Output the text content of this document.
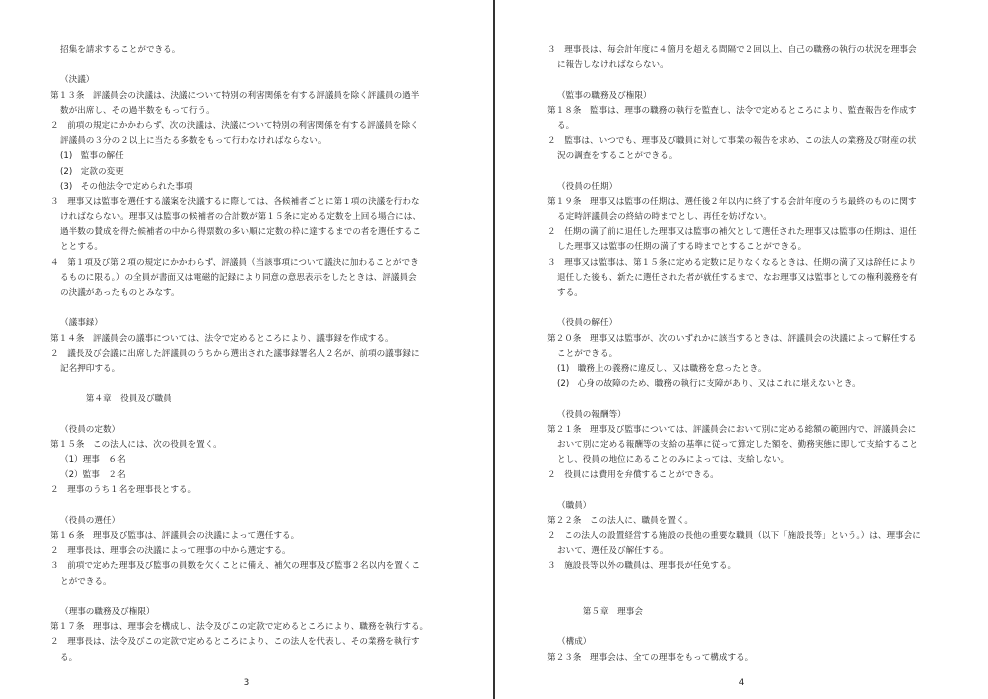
招集を請求することができる。
（決議）
第１３条　評議員会の決議は、決議について特別の利害関係を有する評議員を除く評議員の過半
数が出席し、その過半数をもって行う。
２　前項の規定にかかわらず、次の決議は、決議について特別の利害関係を有する評議員を除く
評議員の３分の２以上に当たる多数をもって行わなければならない。
(1)　監事の解任
(2)　定款の変更
(3)　その他法令で定められた事項
３　理事又は監事を選任する議案を決議するに際しては、各候補者ごとに第１項の決議を行わな
ければならない。理事又は監事の候補者の合計数が第１５条に定める定数を上回る場合には、
過半数の賛成を得た候補者の中から得票数の多い順に定数の枠に達するまでの者を選任するこ
ととする。
４　第１項及び第２項の規定にかかわらず、評議員（当該事項について議決に加わることができ
るものに限る。）の全員が書面又は電磁的記録により同意の意思表示をしたときは、評議員会
の決議があったものとみなす。
（議事録）
第１４条　評議員会の議事については、法令で定めるところにより、議事録を作成する。
２　議長及び会議に出席した評議員のうちから選出された議事録署名人２名が、前項の議事録に
記名押印する。
　　　第４章　役員及び職員
（役員の定数）
第１５条　この法人には、次の役員を置く。
（1）理事　６名
（2）監事　２名
２　理事のうち１名を理事長とする。
（役員の選任）
第１６条　理事及び監事は、評議員会の決議によって選任する。
２　理事長は、理事会の決議によって理事の中から選定する。
３　前項で定めた理事及び監事の員数を欠くことに備え、補欠の理事及び監事２名以内を置くこ
とができる。
（理事の職務及び権限）
第１７条　理事は、理事会を構成し、法令及びこの定款で定めるところにより、職務を執行する。
２　理事長は、法令及びこの定款で定めるところにより、この法人を代表し、その業務を執行す
る。
3
３　理事長は、毎会計年度に４箇月を超える間隔で２回以上、自己の職務の執行の状況を理事会
に報告しなければならない。
（監事の職務及び権限）
第１８条　監事は、理事の職務の執行を監査し、法令で定めるところにより、監査報告を作成す
る。
２　監事は、いつでも、理事及び職員に対して事業の報告を求め、この法人の業務及び財産の状
況の調査をすることができる。
（役員の任期）
第１９条　理事又は監事の任期は、選任後２年以内に終了する会計年度のうち最終のものに関す
る定時評議員会の終結の時までとし、再任を妨げない。
２　任期の満了前に退任した理事又は監事の補欠として選任された理事又は監事の任期は、退任
した理事又は監事の任期の満了する時までとすることができる。
３　理事又は監事は、第１５条に定める定数に足りなくなるときは、任期の満了又は辞任により
退任した後も、新たに選任された者が就任するまで、なお理事又は監事としての権利義務を有
する。
（役員の解任）
第２０条　理事又は監事が、次のいずれかに該当するときは、評議員会の決議によって解任する
ことができる。
(1)　職務上の義務に違反し、又は職務を怠ったとき。
(2)　心身の故障のため、職務の執行に支障があり、又はこれに堪えないとき。
（役員の報酬等）
第２１条　理事及び監事については、評議員会において別に定める総額の範囲内で、評議員会に
おいて別に定める報酬等の支給の基準に従って算定した額を、勤務実態に即して支給すること
とし、役員の地位にあることのみによっては、支給しない。
２　役員には費用を弁償することができる。
（職員）
第２２条　この法人に、職員を置く。
２　この法人の設置経営する施設の長他の重要な職員（以下「施設長等」という。）は、理事会に
おいて、選任及び解任する。
３　施設長等以外の職員は、理事長が任免する。
　　　第５章　理事会
（構成）
第２３条　理事会は、全ての理事をもって構成する。
4
